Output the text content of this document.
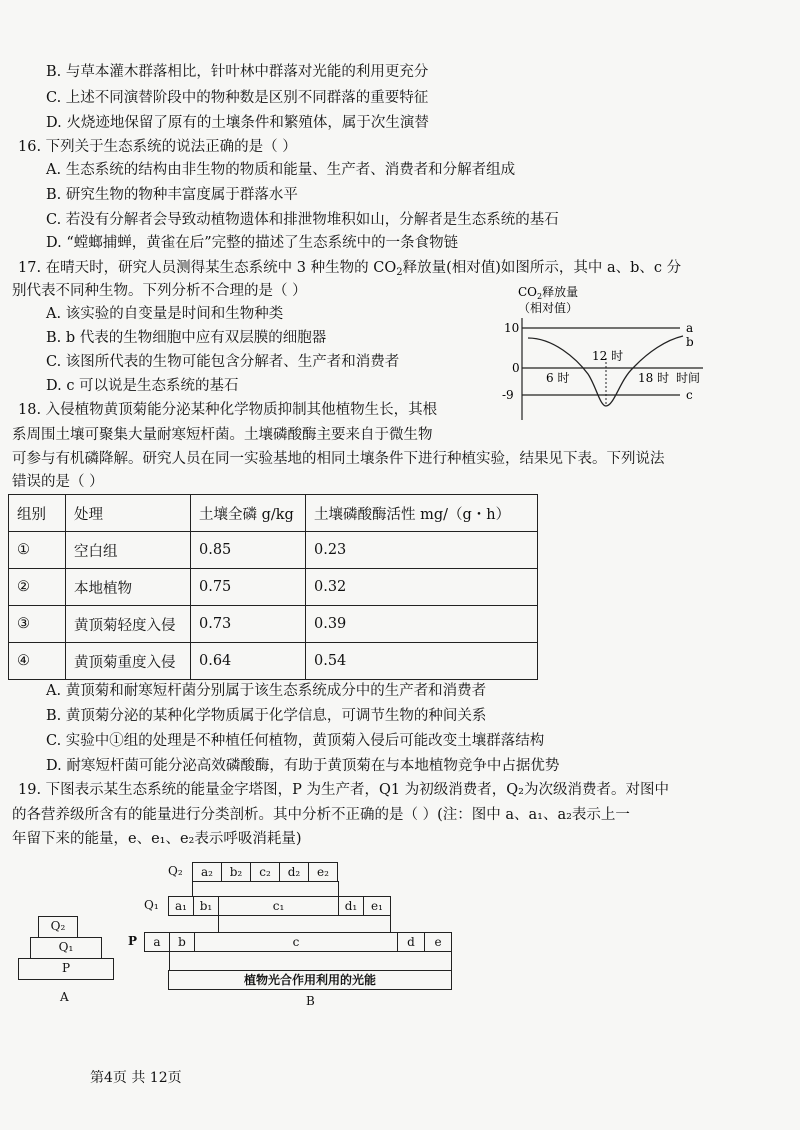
B. 与草本灌木群落相比，针叶林中群落对光能的利用更充分
C. 上述不同演替阶段中的物种数是区别不同群落的重要特征
D. 火烧迹地保留了原有的土壤条件和繁殖体，属于次生演替
16. 下列关于生态系统的说法正确的是（ ）
A. 生态系统的结构由非生物的物质和能量、生产者、消费者和分解者组成
B. 研究生物的物种丰富度属于群落水平
C. 若没有分解者会导致动植物遗体和排泄物堆积如山，分解者是生态系统的基石
D. “螳螂捕蝉，黄雀在后”完整的描述了生态系统中的一条食物链
17. 在晴天时，研究人员测得某生态系统中 3 种生物的 $CO_2$释放量(相对值)如图所示，其中 a、b、c 分
别代表不同种生物。下列分析不合理的是（ ）
A. 该实验的自变量是时间和生物种类
B. b 代表的生物细胞中应有双层膜的细胞器
C. 该图所代表的生物可能包含分解者、生产者和消费者
D. c 可以说是生态系统的基石
$CO_2$释放量
（相对值）
10
0
-9
6 时
12 时
18 时 时间
a
b
c
18. 入侵植物黄顶菊能分泌某种化学物质抑制其他植物生长，其根
系周围土壤可聚集大量耐寒短杆菌。土壤磷酸酶主要来自于微生物
可参与有机磷降解。研究人员在同一实验基地的相同土壤条件下进行种植实验，结果见下表。下列说法
错误的是（ ）
组别	处理	土壤全磷 g/kg	土壤磷酸酶活性 mg/（g・h）
①	空白组	0.85	0.23
②	本地植物	0.75	0.32
③	黄顶菊轻度入侵	0.73	0.39
④	黄顶菊重度入侵	0.64	0.54
A. 黄顶菊和耐寒短杆菌分别属于该生态系统成分中的生产者和消费者
B. 黄顶菊分泌的某种化学物质属于化学信息，可调节生物的种间关系
C. 实验中①组的处理是不种植任何植物，黄顶菊入侵后可能改变土壤群落结构
D. 耐寒短杆菌可能分泌高效磷酸酶，有助于黄顶菊在与本地植物竞争中占据优势
19. 下图表示某生态系统的能量金字塔图，P 为生产者，Q1 为初级消费者，Q₂为次级消费者。对图中
的各营养级所含有的能量进行分类剖析。其中分析不正确的是（ ）(注：图中 a、a₁、a₂表示上一
年留下来的能量，e、e₁、e₂表示呼吸消耗量)
Q₂
Q₁
P
A
Q₂	a₂	b₂	c₂	d₂	e₂
Q₁	a₁	b₁	c₁	d₁	e₁
P	a	b	c	d	e
植物光合作用利用的光能
B
第4页 共 12页
